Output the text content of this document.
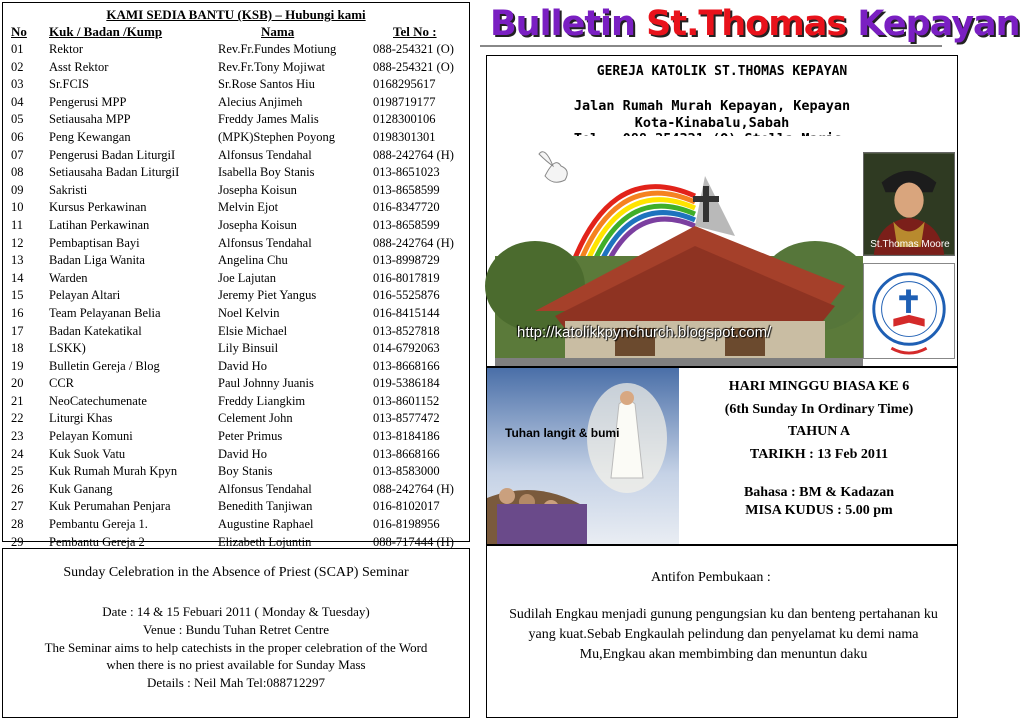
KAMI SEDIA BANTU (KSB) – Hubungi kami
No Kuk / Badan /Kump	Nama	Tel No :
01 Rektor	Rev.Fr.Fundes Motiung	088-254321 (O)
02 Asst Rektor	Rev.Fr.Tony Mojiwat	088-254321 (O)
03 Sr.FCIS	Sr.Rose Santos Hiu	0168295617
04 Pengerusi MPP	Alecius Anjimeh	0198719177
05 Setiausaha MPP	Freddy James Malis	0128300106
06 Peng Kewangan	(MPK)Stephen Poyong	0198301301
07 Pengerusi Badan LiturgiI	Alfonsus Tendahal	088-242764 (H)
08 Setiausaha Badan LiturgiI	Isabella Boy Stanis	013-8651023
09 Sakristi	Josepha Koisun	013-8658599
10 Kursus Perkawinan	Melvin Ejot	016-8347720
11 Latihan Perkawinan	Josepha Koisun	013-8658599
12 Pembaptisan Bayi	Alfonsus Tendahal	088-242764 (H)
13 Badan Liga Wanita	Angelina Chu	013-8998729
14 Warden	Joe Lajutan	016-8017819
15 Pelayan Altari	Jeremy Piet Yangus	016-5525876
16 Team Pelayanan Belia	Noel Kelvin	016-8415144
17 Badan Katekatikal	Elsie Michael	013-8527818
18 LSKK)	Lily Binsuil	014-6792063
19 Bulletin Gereja / Blog	David Ho	013-8668166
20 CCR	Paul Johnny Juanis	019-5386184
21 NeoCatechumenate	Freddy Liangkim	013-8601152
22 Liturgi Khas	Celement John	013-8577472
23 Pelayan Komuni	Peter Primus	013-8184186
24 Kuk Suok Vatu	David Ho	013-8668166
25 Kuk Rumah Murah Kpyn	Boy Stanis	013-8583000
26 Kuk Ganang	Alfonsus Tendahal	088-242764 (H)
27 Kuk Perumahan Penjara	Benedith Tanjiwan	016-8102017
28 Pembantu Gereja 1.	Augustine Raphael	016-8198956
29 Pembantu Gereja 2	Elizabeth Lojuntin	088-717444 (H)
Sunday Celebration in the Absence of Priest (SCAP) Seminar
Date : 14 & 15 Febuari 2011 ( Monday & Tuesday)
Venue : Bundu Tuhan Retret Centre
The Seminar aims to help catechists in the proper celebration of the Word
when there is no priest available for Sunday Mass
Details : Neil Mah Tel:088712297
Bulletin St.Thomas Kepayan
GEREJA KATOLIK ST.THOMAS KEPAYAN
Jalan Rumah Murah Kepayan, Kepayan
Kota-Kinabalu,Sabah
http://katolikkpynchurch.blogspot.com/
St.Thomas Moore
Tuhan langit & bumi
HARI MINGGU BIASA KE 6
(6th Sunday In Ordinary Time)
TAHUN A
TARIKH : 13 Feb 2011
Bahasa : BM & Kadazan
MISA KUDUS : 5.00 pm
Antifon Pembukaan :
Sudilah Engkau menjadi gunung pengungsian ku dan benteng pertahanan ku yang kuat.Sebab Engkaulah pelindung dan penyelamat ku demi nama Mu,Engkau akan membimbing dan menuntun daku
